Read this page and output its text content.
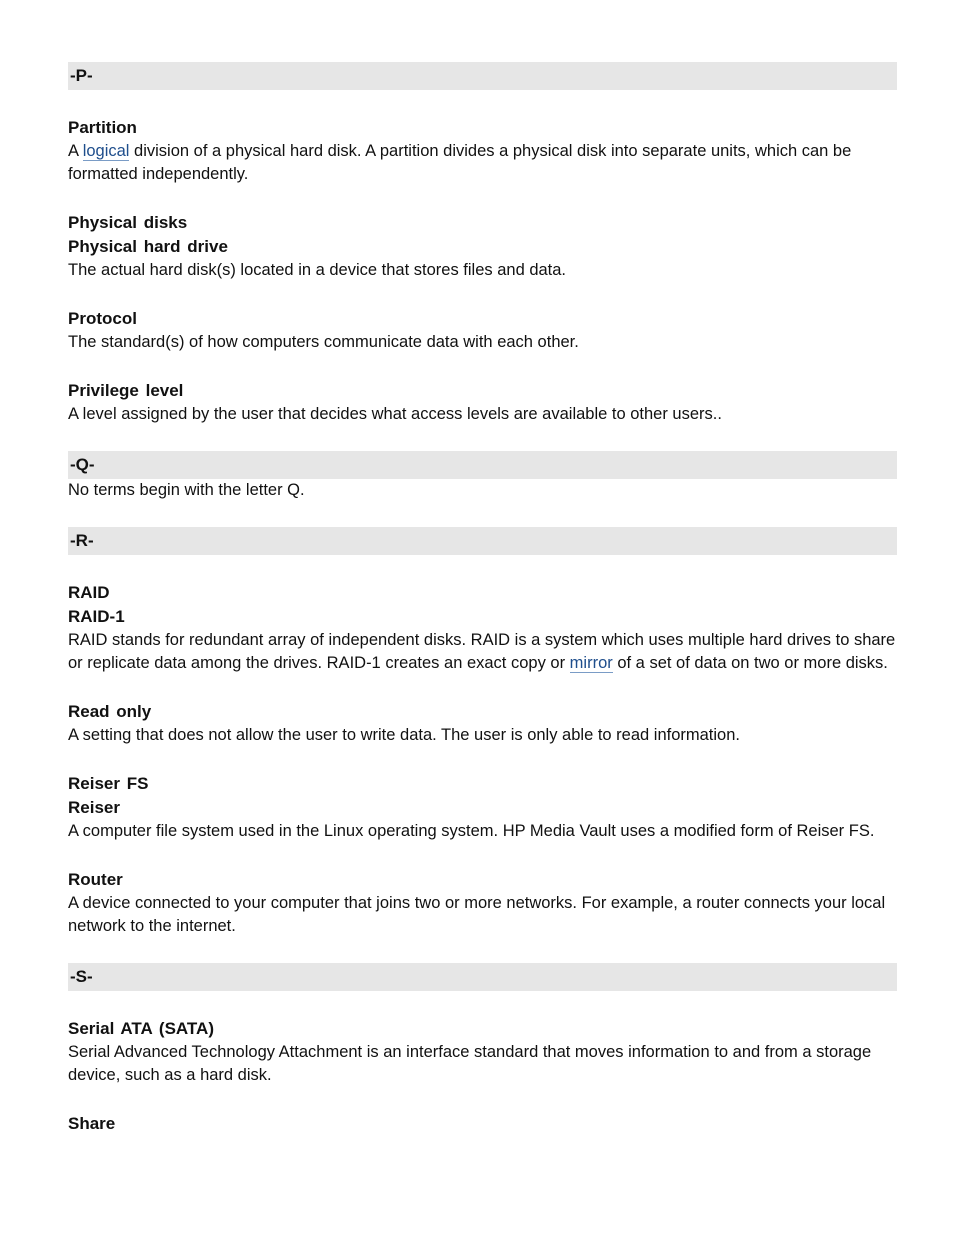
-P-
Partition

A logical division of a physical hard disk. A partition divides a physical disk into separate units, which can be formatted independently.

Physical disks
Physical hard drive

The actual hard disk(s) located in a device that stores files and data.

Protocol

The standard(s) of how computers communicate data with each other.

Privilege level

A level assigned by the user that decides what access levels are available to other users..

-Q-

No terms begin with the letter Q.

-R-
RAID
RAID-1

RAID stands for redundant array of independent disks. RAID is a system which uses multiple hard drives to share or replicate data among the drives. RAID-1 creates an exact copy or mirror of a set of data on two or more disks.

Read only

A setting that does not allow the user to write data. The user is only able to read information.

Reiser FS
Reiser

A computer file system used in the Linux operating system. HP Media Vault uses a modified form of Reiser FS.

Router

A device connected to your computer that joins two or more networks. For example, a router connects your local network to the internet.

-S-
Serial ATA (SATA)

Serial Advanced Technology Attachment is an interface standard that moves information to and from a storage device, such as a hard disk.

Share
